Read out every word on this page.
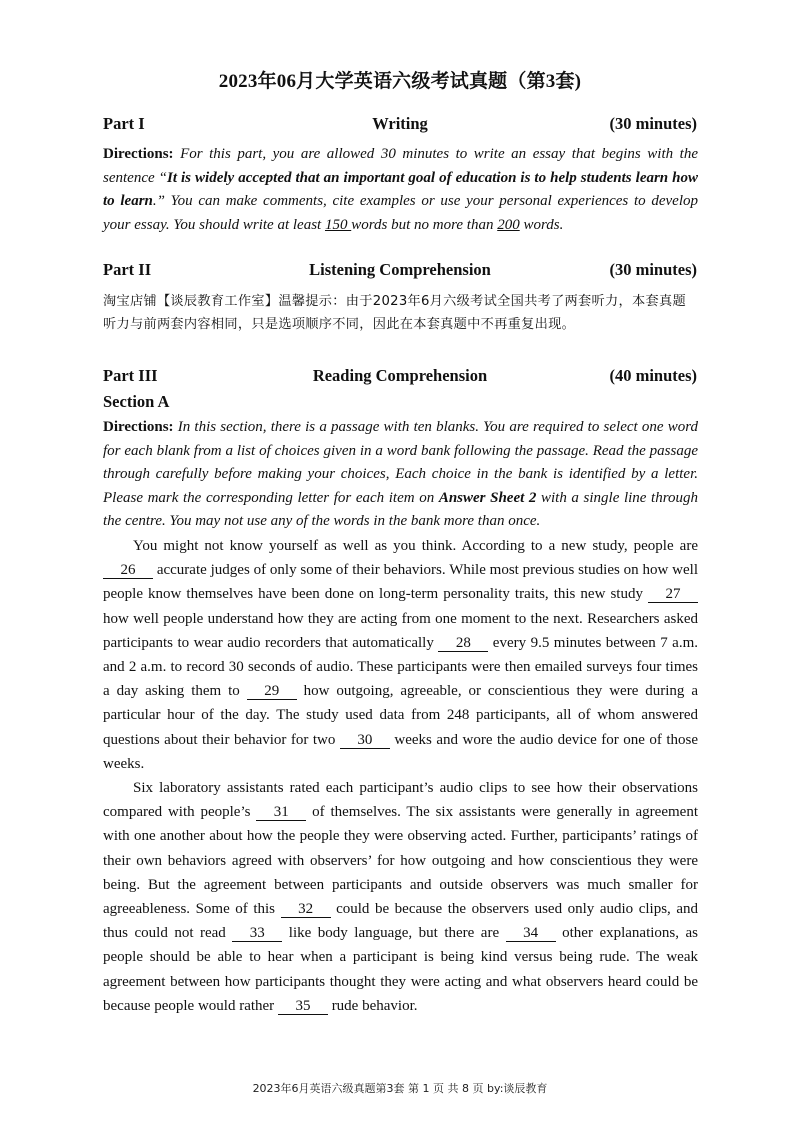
2023年06月大学英语六级考试真题（第3套)
Part I	Writing	(30 minutes)
Directions: For this part, you are allowed 30 minutes to write an essay that begins with the sentence “It is widely accepted that an important goal of education is to help students learn how to learn.” You can make comments, cite examples or use your personal experiences to develop your essay. You should write at least 150 words but no more than 200 words.
Part II	Listening Comprehension	(30 minutes)
淘宝店铺【谈辰教育工作室】温馨提示：由于2023年6月六级考试全国共考了两套听力，本套真题听力与前两套内容相同，只是选项顺序不同，因此在本套真题中不再重复出现。
Part III	Reading Comprehension	(40 minutes)
Section A
Directions: In this section, there is a passage with ten blanks. You are required to select one word for each blank from a list of choices given in a word bank following the passage. Read the passage through carefully before making your choices, Each choice in the bank is identified by a letter. Please mark the corresponding letter for each item on Answer Sheet 2 with a single line through the centre. You may not use any of the words in the bank more than once.

You might not know yourself as well as you think. According to a new study, people are 26 accurate judges of only some of their behaviors. While most previous studies on how well people know themselves have been done on long-term personality traits, this new study 27 how well people understand how they are acting from one moment to the next. Researchers asked participants to wear audio recorders that automatically 28 every 9.5 minutes between 7 a.m. and 2 a.m. to record 30 seconds of audio. These participants were then emailed surveys four times a day asking them to 29 how outgoing, agreeable, or conscientious they were during a particular hour of the day. The study used data from 248 participants, all of whom answered questions about their behavior for two 30 weeks and wore the audio device for one of those weeks.

Six laboratory assistants rated each participant’s audio clips to see how their observations compared with people’s 31 of themselves. The six assistants were generally in agreement with one another about how the people they were observing acted. Further, participants’ ratings of their own behaviors agreed with observers’ for how outgoing and how conscientious they were being. But the agreement between participants and outside observers was much smaller for agreeableness. Some of this 32 could be because the observers used only audio clips, and thus could not read 33 like body language, but there are 34 other explanations, as people should be able to hear when a participant is being kind versus being rude. The weak agreement between how participants thought they were acting and what observers heard could be because people would rather 35 rude behavior.

2023年6月英语六级真题第3套 第 1 页 共 8 页 by:谈辰教育
